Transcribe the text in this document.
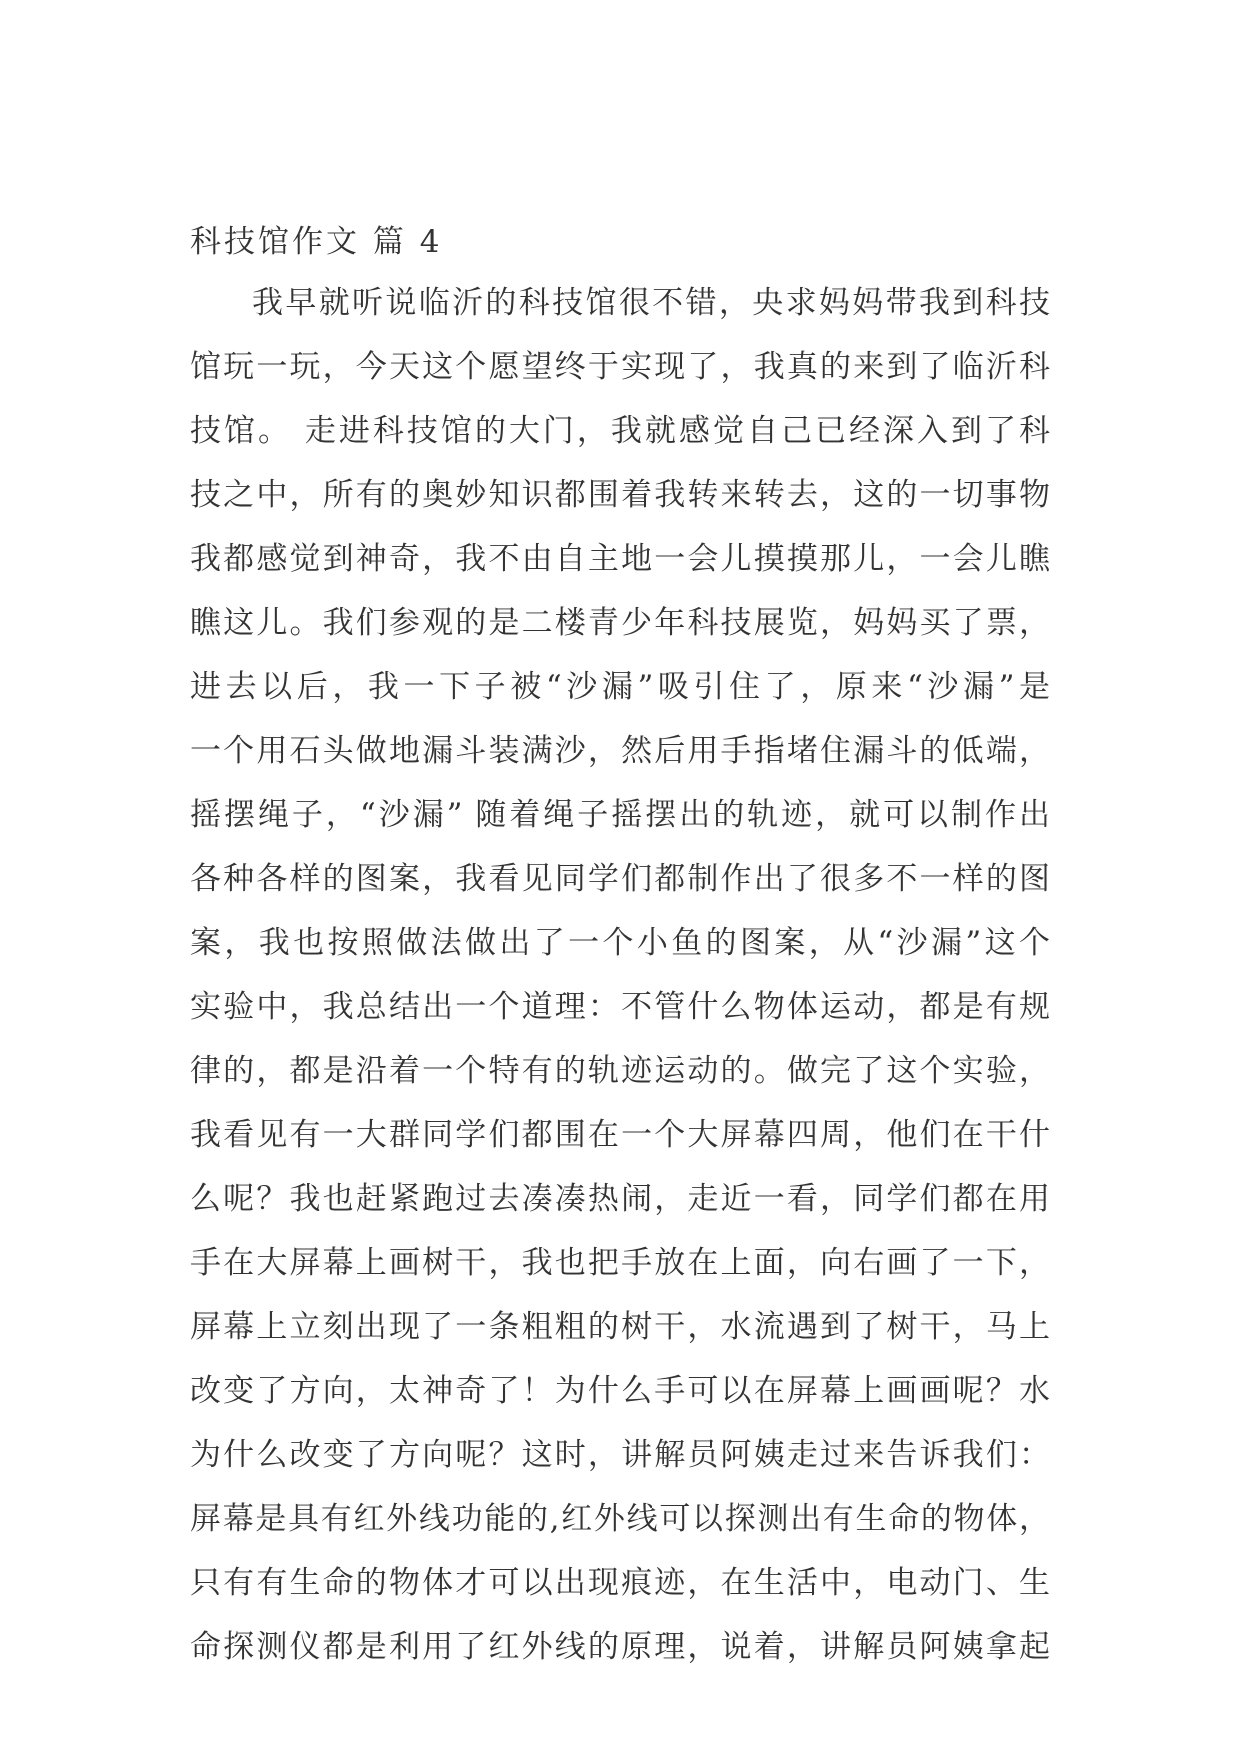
科技馆作文 篇 4
我早就听说临沂的科技馆很不错，央求妈妈带我到科技
馆玩一玩，今天这个愿望终于实现了，我真的来到了临沂科
技馆。 走进科技馆的大门，我就感觉自己已经深入到了科
技之中，所有的奥妙知识都围着我转来转去，这的一切事物
我都感觉到神奇，我不由自主地一会儿摸摸那儿，一会儿瞧
瞧这儿。我们参观的是二楼青少年科技展览，妈妈买了票，
进去以后，我一下子被“沙漏”吸引住了，原来“沙漏”是
一个用石头做地漏斗装满沙，然后用手指堵住漏斗的低端，
摇摆绳子，“沙漏” 随着绳子摇摆出的轨迹，就可以制作出
各种各样的图案，我看见同学们都制作出了很多不一样的图
案，我也按照做法做出了一个小鱼的图案，从“沙漏”这个
实验中，我总结出一个道理：不管什么物体运动，都是有规
律的，都是沿着一个特有的轨迹运动的。做完了这个实验，
我看见有一大群同学们都围在一个大屏幕四周，他们在干什
么呢？我也赶紧跑过去凑凑热闹，走近一看，同学们都在用
手在大屏幕上画树干，我也把手放在上面，向右画了一下，
屏幕上立刻出现了一条粗粗的树干，水流遇到了树干，马上
改变了方向，太神奇了！为什么手可以在屏幕上画画呢？水
为什么改变了方向呢？这时，讲解员阿姨走过来告诉我们：
屏幕是具有红外线功能的,红外线可以探测出有生命的物体，
只有有生命的物体才可以出现痕迹，在生活中，电动门、生
命探测仪都是利用了红外线的原理，说着，讲解员阿姨拿起
